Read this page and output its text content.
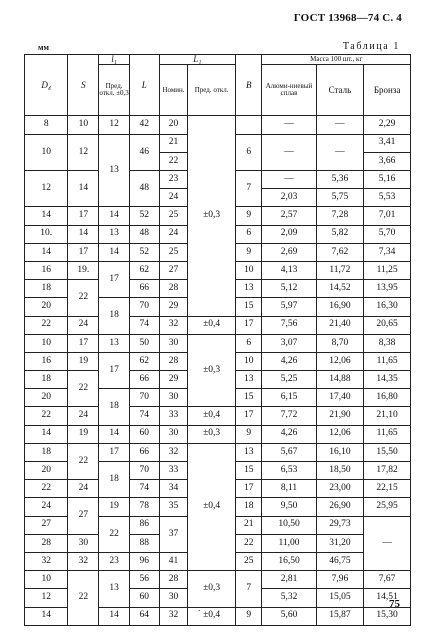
ГОСТ 13968—74 С. 4
мм	Таблица 1
D₄	S	l₁	L	L₁		B	Масса 100 шт., кг		
		Пред. откл. ±0,3		Номин.	Пред. откл.		Алюми-ниевый сплав	Сталь	Бронза
8	10	12	42	20	±0,3		—	—	2,29
10	12	13	46	21		6	—	—	3,41
				22					3,66
12	14		48	23		7	—	5,36	5,16
				24			2,03	5,75	5,53
14	17	14	52	25		9	2,57	7,28	7,01
10.	14	13	48	24		6	2,09	5,82	5,70
14	17	14	52	25		9	2,69	7,62	7,34
16	19.	17	62	27		10	4,13	11,72	11,25
18	22		66	28		13	5,12	14,52	13,95
20		18	70	29		15	5,97	16,90	16,30
22	24		74	32	±0,4	17	7,56	21,40	20,65
10	17	13	50	30	±0,3	6	3,07	8,70	8,38
16	19	17	62	28		10	4,26	12,06	11,65
18	22		66	29		13	5,25	14,88	14,35
20		18	70	30		15	6,15	17,40	16,80
22	24		74	33	±0,4	17	7,72	21,90	21,10
14	19	14	60	30	±0,3	9	4,26	12,06	11,65
18	22	17	66	32	±0,4	13	5,67	16,10	15,50
20		18	70	33		15	6,53	18,50	17,82
22	24		74	34		17	8,11	23,00	22,15
24	27	19	78	35		18	9,50	26,90	25,95
27		22	86	37		21	10,50	29,73	—
28	30		88			22	11,00	31,20	
32	32	23	96	41		25	16,50	46,75	
10	22	13	56	28	±0,3	7	2,81	7,96	7,67
12			60	30			5,32	15,05	14,51
14		14	64	32	±0,4	9	5,60	15,87	15,30
.	75
